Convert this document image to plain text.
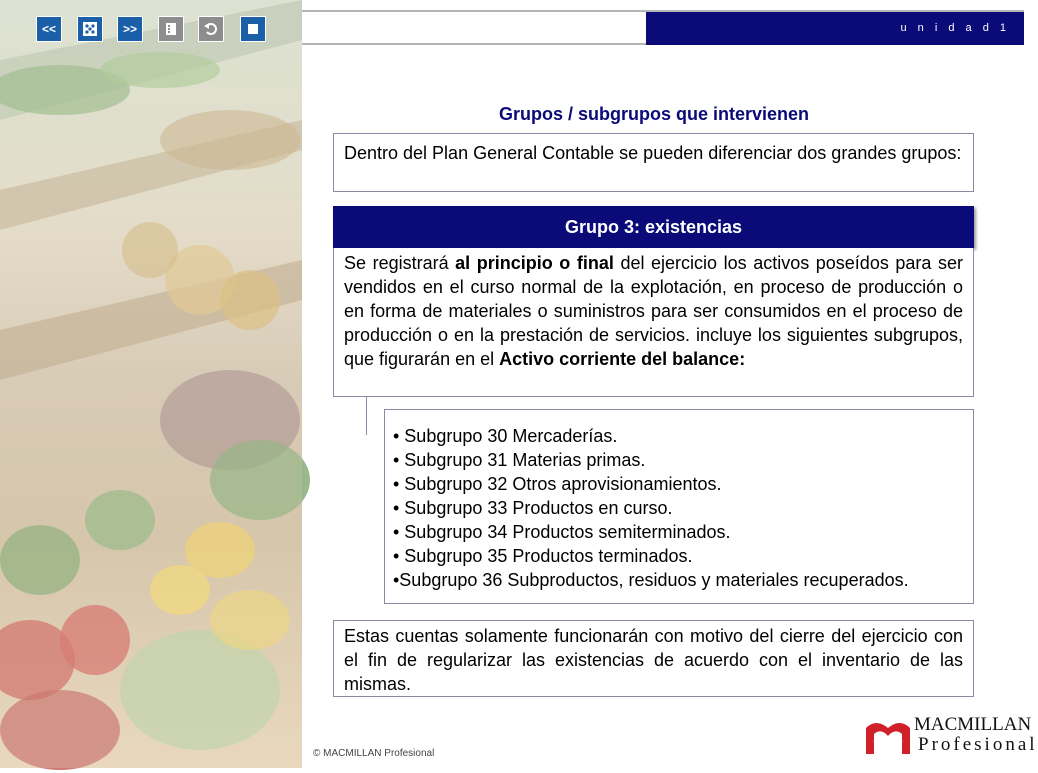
<<	>>	u n i d a d 1
Grupos / subgrupos que intervienen
Dentro del Plan General Contable se pueden diferenciar dos grandes grupos:
Grupo 3: existencias
Se registrará al principio o final del ejercicio los activos poseídos para ser vendidos en el curso normal de la explotación, en proceso de producción o en forma de materiales o suministros para ser consumidos en el proceso de producción o en la prestación de servicios. incluye los siguientes subgrupos, que figurarán en el Activo corriente del balance:
• Subgrupo 30 Mercaderías.
• Subgrupo 31 Materias primas.
• Subgrupo 32 Otros aprovisionamientos.
• Subgrupo 33 Productos en curso.
• Subgrupo 34 Productos semiterminados.
• Subgrupo 35 Productos terminados.
•Subgrupo 36 Subproductos, residuos y materiales recuperados.
Estas cuentas solamente funcionarán con motivo del cierre del ejercicio con el fin de regularizar las existencias de acuerdo con el inventario de las mismas.
© MACMILLAN Profesional
MACMILLAN
Profesional
